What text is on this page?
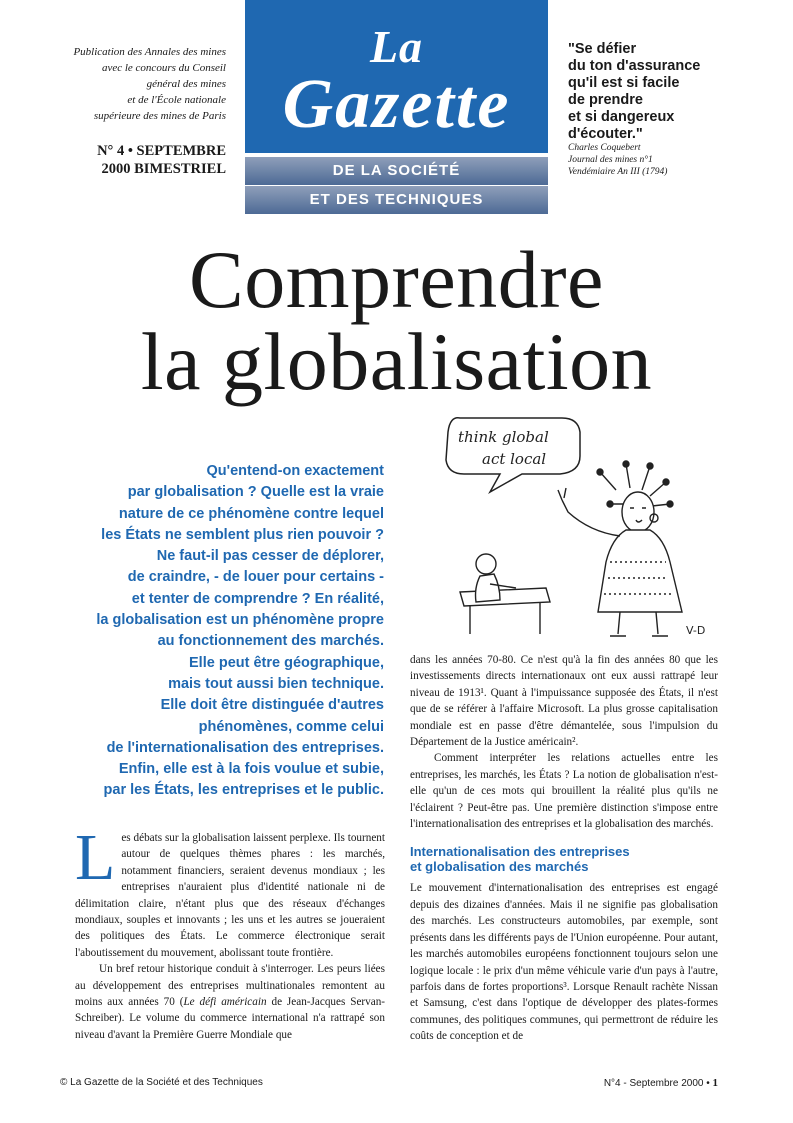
Publication des Annales des mines
avec le concours du Conseil
général des mines
et de l'École nationale
supérieure des mines de Paris
N° 4 • SEPTEMBRE
2000 BIMESTRIEL
La
Gazette
DE LA SOCIÉTÉ
ET DES TECHNIQUES
"Se défier
du ton d'assurance
qu'il est si facile
de prendre
et si dangereux
d'écouter."
Charles Coquebert
Journal des mines n°1
Vendémiaire An III (1794)
Comprendre
la globalisation
Qu'entend-on exactement
par globalisation ? Quelle est la vraie
nature de ce phénomène contre lequel
les États ne semblent plus rien pouvoir ?
Ne faut-il pas cesser de déplorer,
de craindre, - de louer pour certains -
et tenter de comprendre ? En réalité,
la globalisation est un phénomène propre
au fonctionnement des marchés.
Elle peut être géographique,
mais tout aussi bien technique.
Elle doit être distinguée d'autres
phénomènes, comme celui
de l'internationalisation des entreprises.
Enfin, elle est à la fois voulue et subie,
par les États, les entreprises et le public.
think global
act local
V-D

Les débats sur la globalisation laissent perplexe. Ils tournent autour de quelques thèmes phares : les marchés, notamment financiers, seraient devenus mondiaux ; les entreprises n'auraient plus d'identité nationale ni de délimitation claire, n'étant plus que des réseaux d'échanges mondiaux, souples et innovants ; les uns et les autres se joueraient des politiques des États. Le commerce électronique serait l'aboutissement du mouvement, abolissant toute frontière.

Un bref retour historique conduit à s'interroger. Les peurs liées au développement des entreprises multinationales remontent au moins aux années 70 (Le défi américain de Jean-Jacques Servan-Schreiber). Le volume du commerce international n'a rattrapé son niveau d'avant la Première Guerre Mondiale que

dans les années 70-80. Ce n'est qu'à la fin des années 80 que les investissements directs internationaux ont eux aussi rattrapé leur niveau de 1913¹. Quant à l'impuissance supposée des États, il n'est que de se référer à l'affaire Microsoft. La plus grosse capitalisation mondiale est en passe d'être démantelée, sous l'impulsion du Département de la Justice américain².

Comment interpréter les relations actuelles entre les entreprises, les marchés, les États ? La notion de globalisation n'est-elle qu'un de ces mots qui brouillent la réalité plus qu'ils ne l'éclairent ? Peut-être pas. Une première distinction s'impose entre l'internationalisation des entreprises et la globalisation des marchés.

Internationalisation des entreprises
et globalisation des marchés

Le mouvement d'internationalisation des entreprises est engagé depuis des dizaines d'années. Mais il ne signifie pas globalisation des marchés. Les constructeurs automobiles, par exemple, sont présents dans les différents pays de l'Union européenne. Pour autant, les marchés automobiles européens fonctionnent toujours selon une logique locale : le prix d'un même véhicule varie d'un pays à l'autre, parfois dans de fortes proportions³. Lorsque Renault rachète Nissan et Samsung, c'est dans l'optique de développer des plates-formes communes, des politiques communes, qui permettront de réduire les coûts de conception et de

© La Gazette de la Société et des Techniques	N°4 - Septembre 2000 • 1
